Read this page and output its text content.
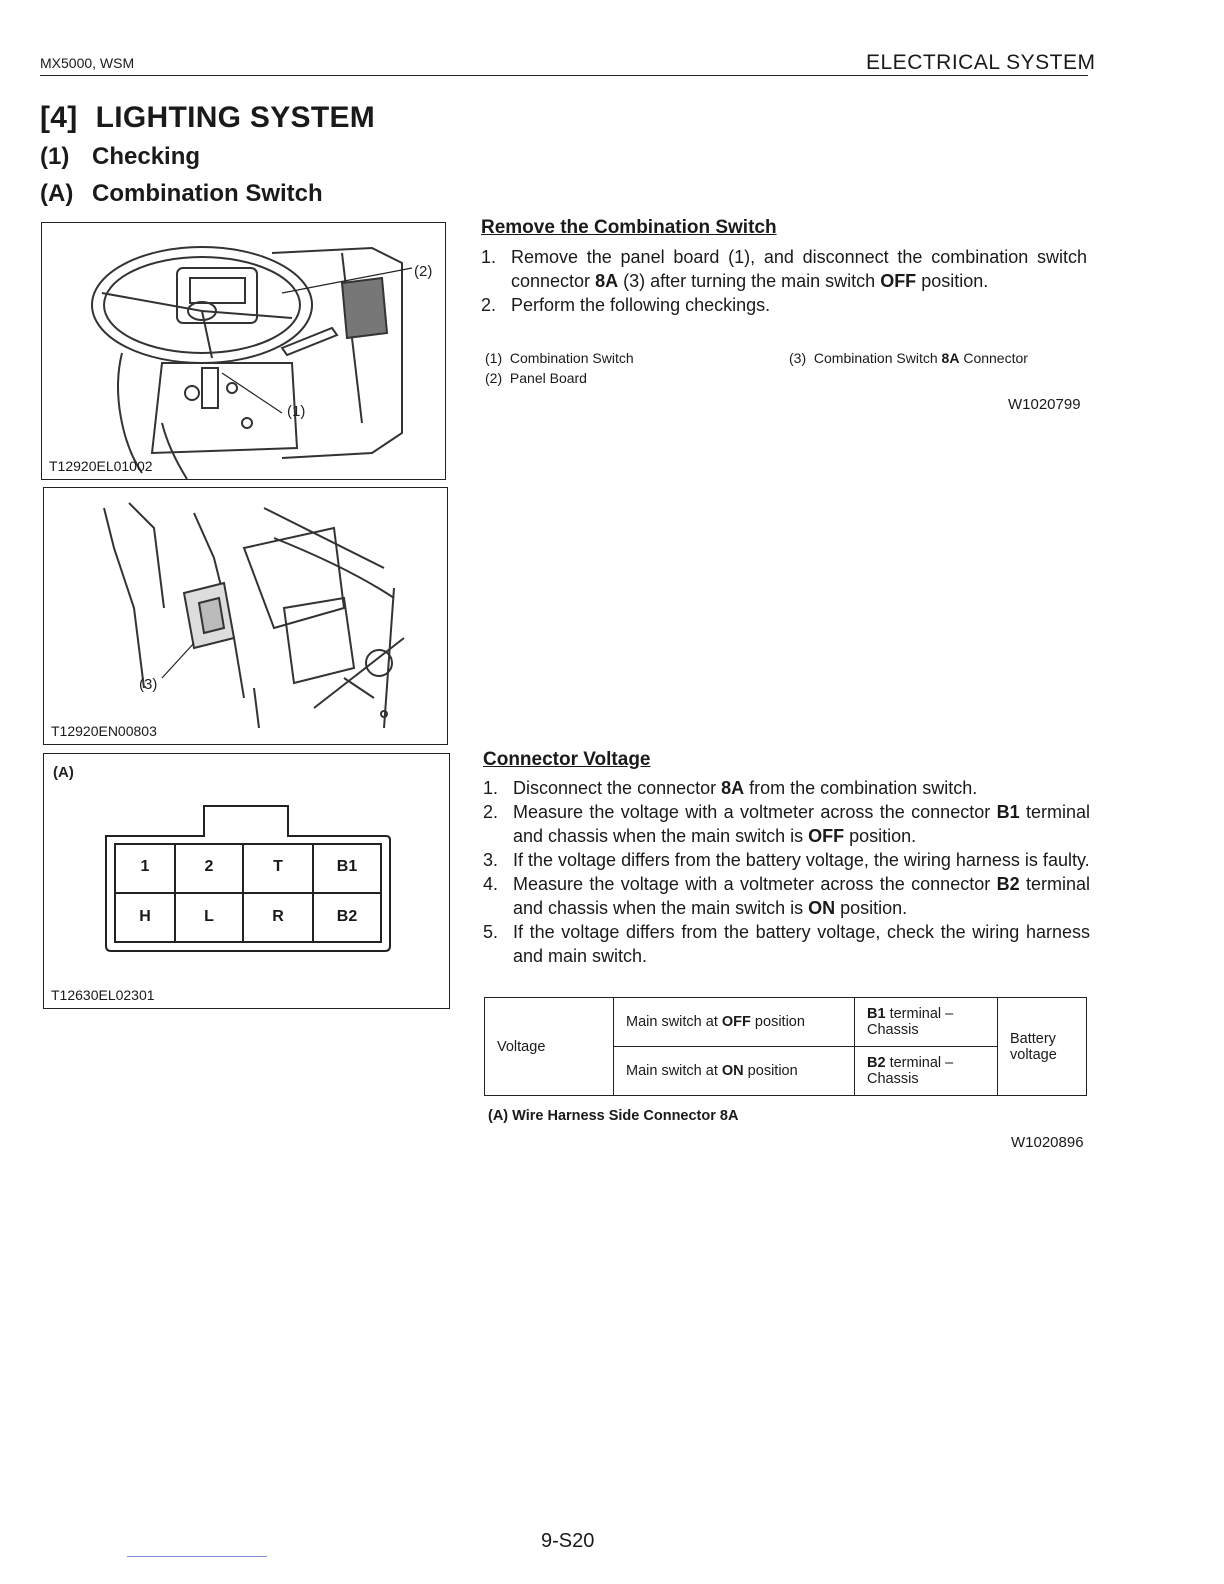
MX5000, WSM	ELECTRICAL SYSTEM
[4] LIGHTING SYSTEM
(1) Checking
(A) Combination Switch
(2)
(1)
T12920EL01002
(3)
T12920EN00803
(A)
1	2	T	B1
H	L	R	B2
T12630EL02301
Remove the Combination Switch

1. Remove the panel board (1), and disconnect the combination switch connector 8A (3) after turning the main switch OFF position.

2. Perform the following checkings.

(1) Combination Switch
(2) Panel Board
(3) Combination Switch 8A Connector
W1020799
Connector Voltage

1. Disconnect the connector 8A from the combination switch.

2. Measure the voltage with a voltmeter across the connector B1 terminal and chassis when the main switch is OFF position.

3. If the voltage differs from the battery voltage, the wiring harness is faulty.

4. Measure the voltage with a voltmeter across the connector B2 terminal and chassis when the main switch is ON position.

5. If the voltage differs from the battery voltage, check the wiring harness and main switch.

Voltage	Main switch at OFF position	B1 terminal – Chassis	Battery voltage
	Main switch at ON position	B2 terminal – Chassis	
(A) Wire Harness Side Connector 8A
W1020896
9-S20
